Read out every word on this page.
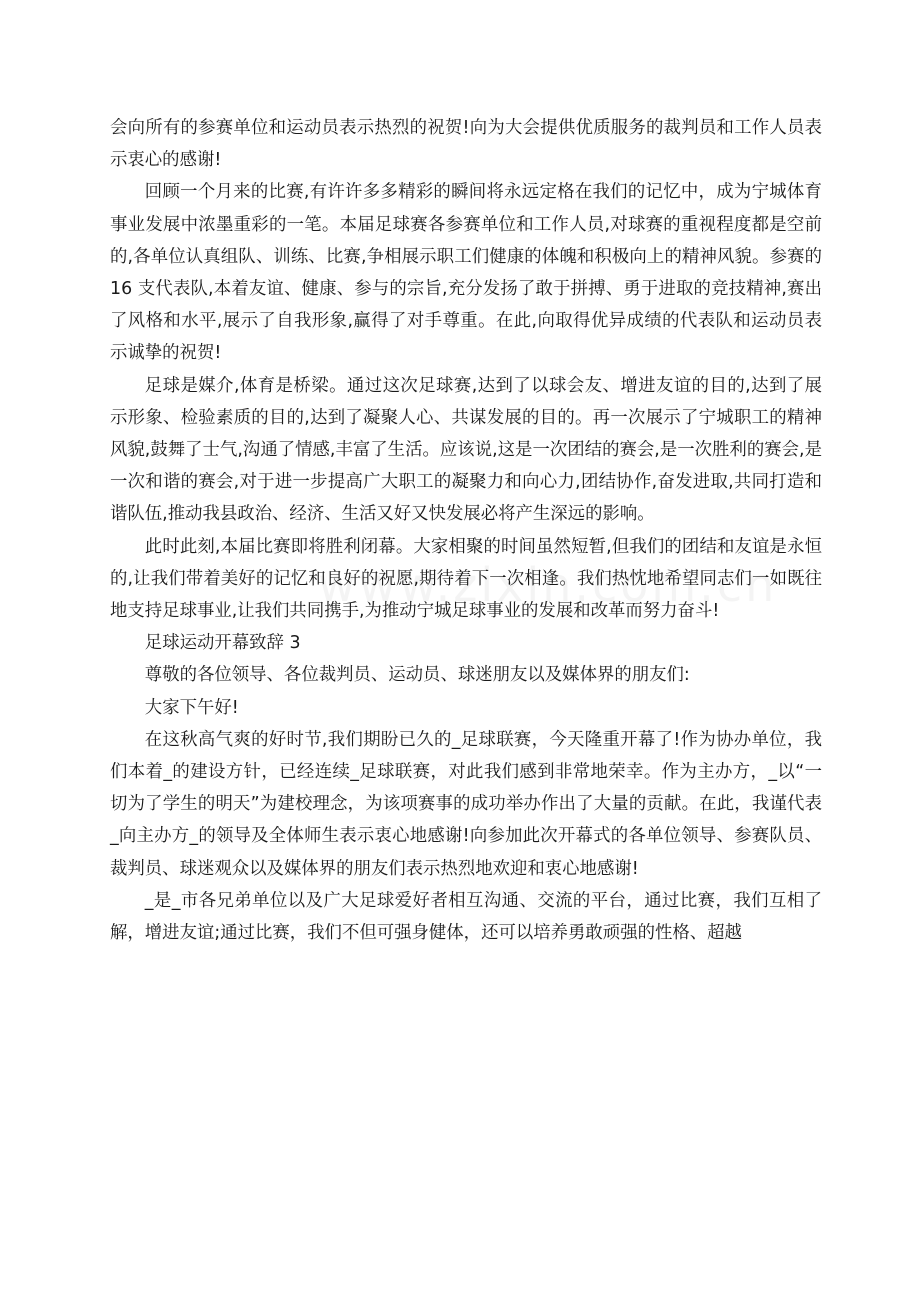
会向所有的参赛单位和运动员表示热烈的祝贺!向为大会提供优质服务的裁判员和工作人员表示衷心的感谢!

回顾一个月来的比赛,有许许多多精彩的瞬间将永远定格在我们的记忆中，成为宁城体育事业发展中浓墨重彩的一笔。本届足球赛各参赛单位和工作人员,对球赛的重视程度都是空前的,各单位认真组队、训练、比赛,争相展示职工们健康的体魄和积极向上的精神风貌。参赛的 16 支代表队,本着友谊、健康、参与的宗旨,充分发扬了敢于拼搏、勇于进取的竞技精神,赛出了风格和水平,展示了自我形象,赢得了对手尊重。在此,向取得优异成绩的代表队和运动员表示诚挚的祝贺!

足球是媒介,体育是桥梁。通过这次足球赛,达到了以球会友、增进友谊的目的,达到了展示形象、检验素质的目的,达到了凝聚人心、共谋发展的目的。再一次展示了宁城职工的精神风貌,鼓舞了士气,沟通了情感,丰富了生活。应该说,这是一次团结的赛会,是一次胜利的赛会,是一次和谐的赛会,对于进一步提高广大职工的凝聚力和向心力,团结协作,奋发进取,共同打造和谐队伍,推动我县政治、经济、生活又好又快发展必将产生深远的影响。

此时此刻,本届比赛即将胜利闭幕。大家相聚的时间虽然短暂,但我们的团结和友谊是永恒的,让我们带着美好的记忆和良好的祝愿,期待着下一次相逢。我们热忱地希望同志们一如既往地支持足球事业,让我们共同携手,为推动宁城足球事业的发展和改革而努力奋斗!

足球运动开幕致辞 3

尊敬的各位领导、各位裁判员、运动员、球迷朋友以及媒体界的朋友们:

大家下午好!

在这秋高气爽的好时节,我们期盼已久的_足球联赛，今天隆重开幕了!作为协办单位，我们本着_的建设方针，已经连续_足球联赛，对此我们感到非常地荣幸。作为主办方，_以“一切为了学生的明天”为建校理念，为该项赛事的成功举办作出了大量的贡献。在此，我谨代表_向主办方_的领导及全体师生表示衷心地感谢!向参加此次开幕式的各单位领导、参赛队员、裁判员、球迷观众以及媒体界的朋友们表示热烈地欢迎和衷心地感谢!

_是_市各兄弟单位以及广大足球爱好者相互沟通、交流的平台，通过比赛，我们互相了解，增进友谊;通过比赛，我们不但可强身健体，还可以培养勇敢顽强的性格、超越
